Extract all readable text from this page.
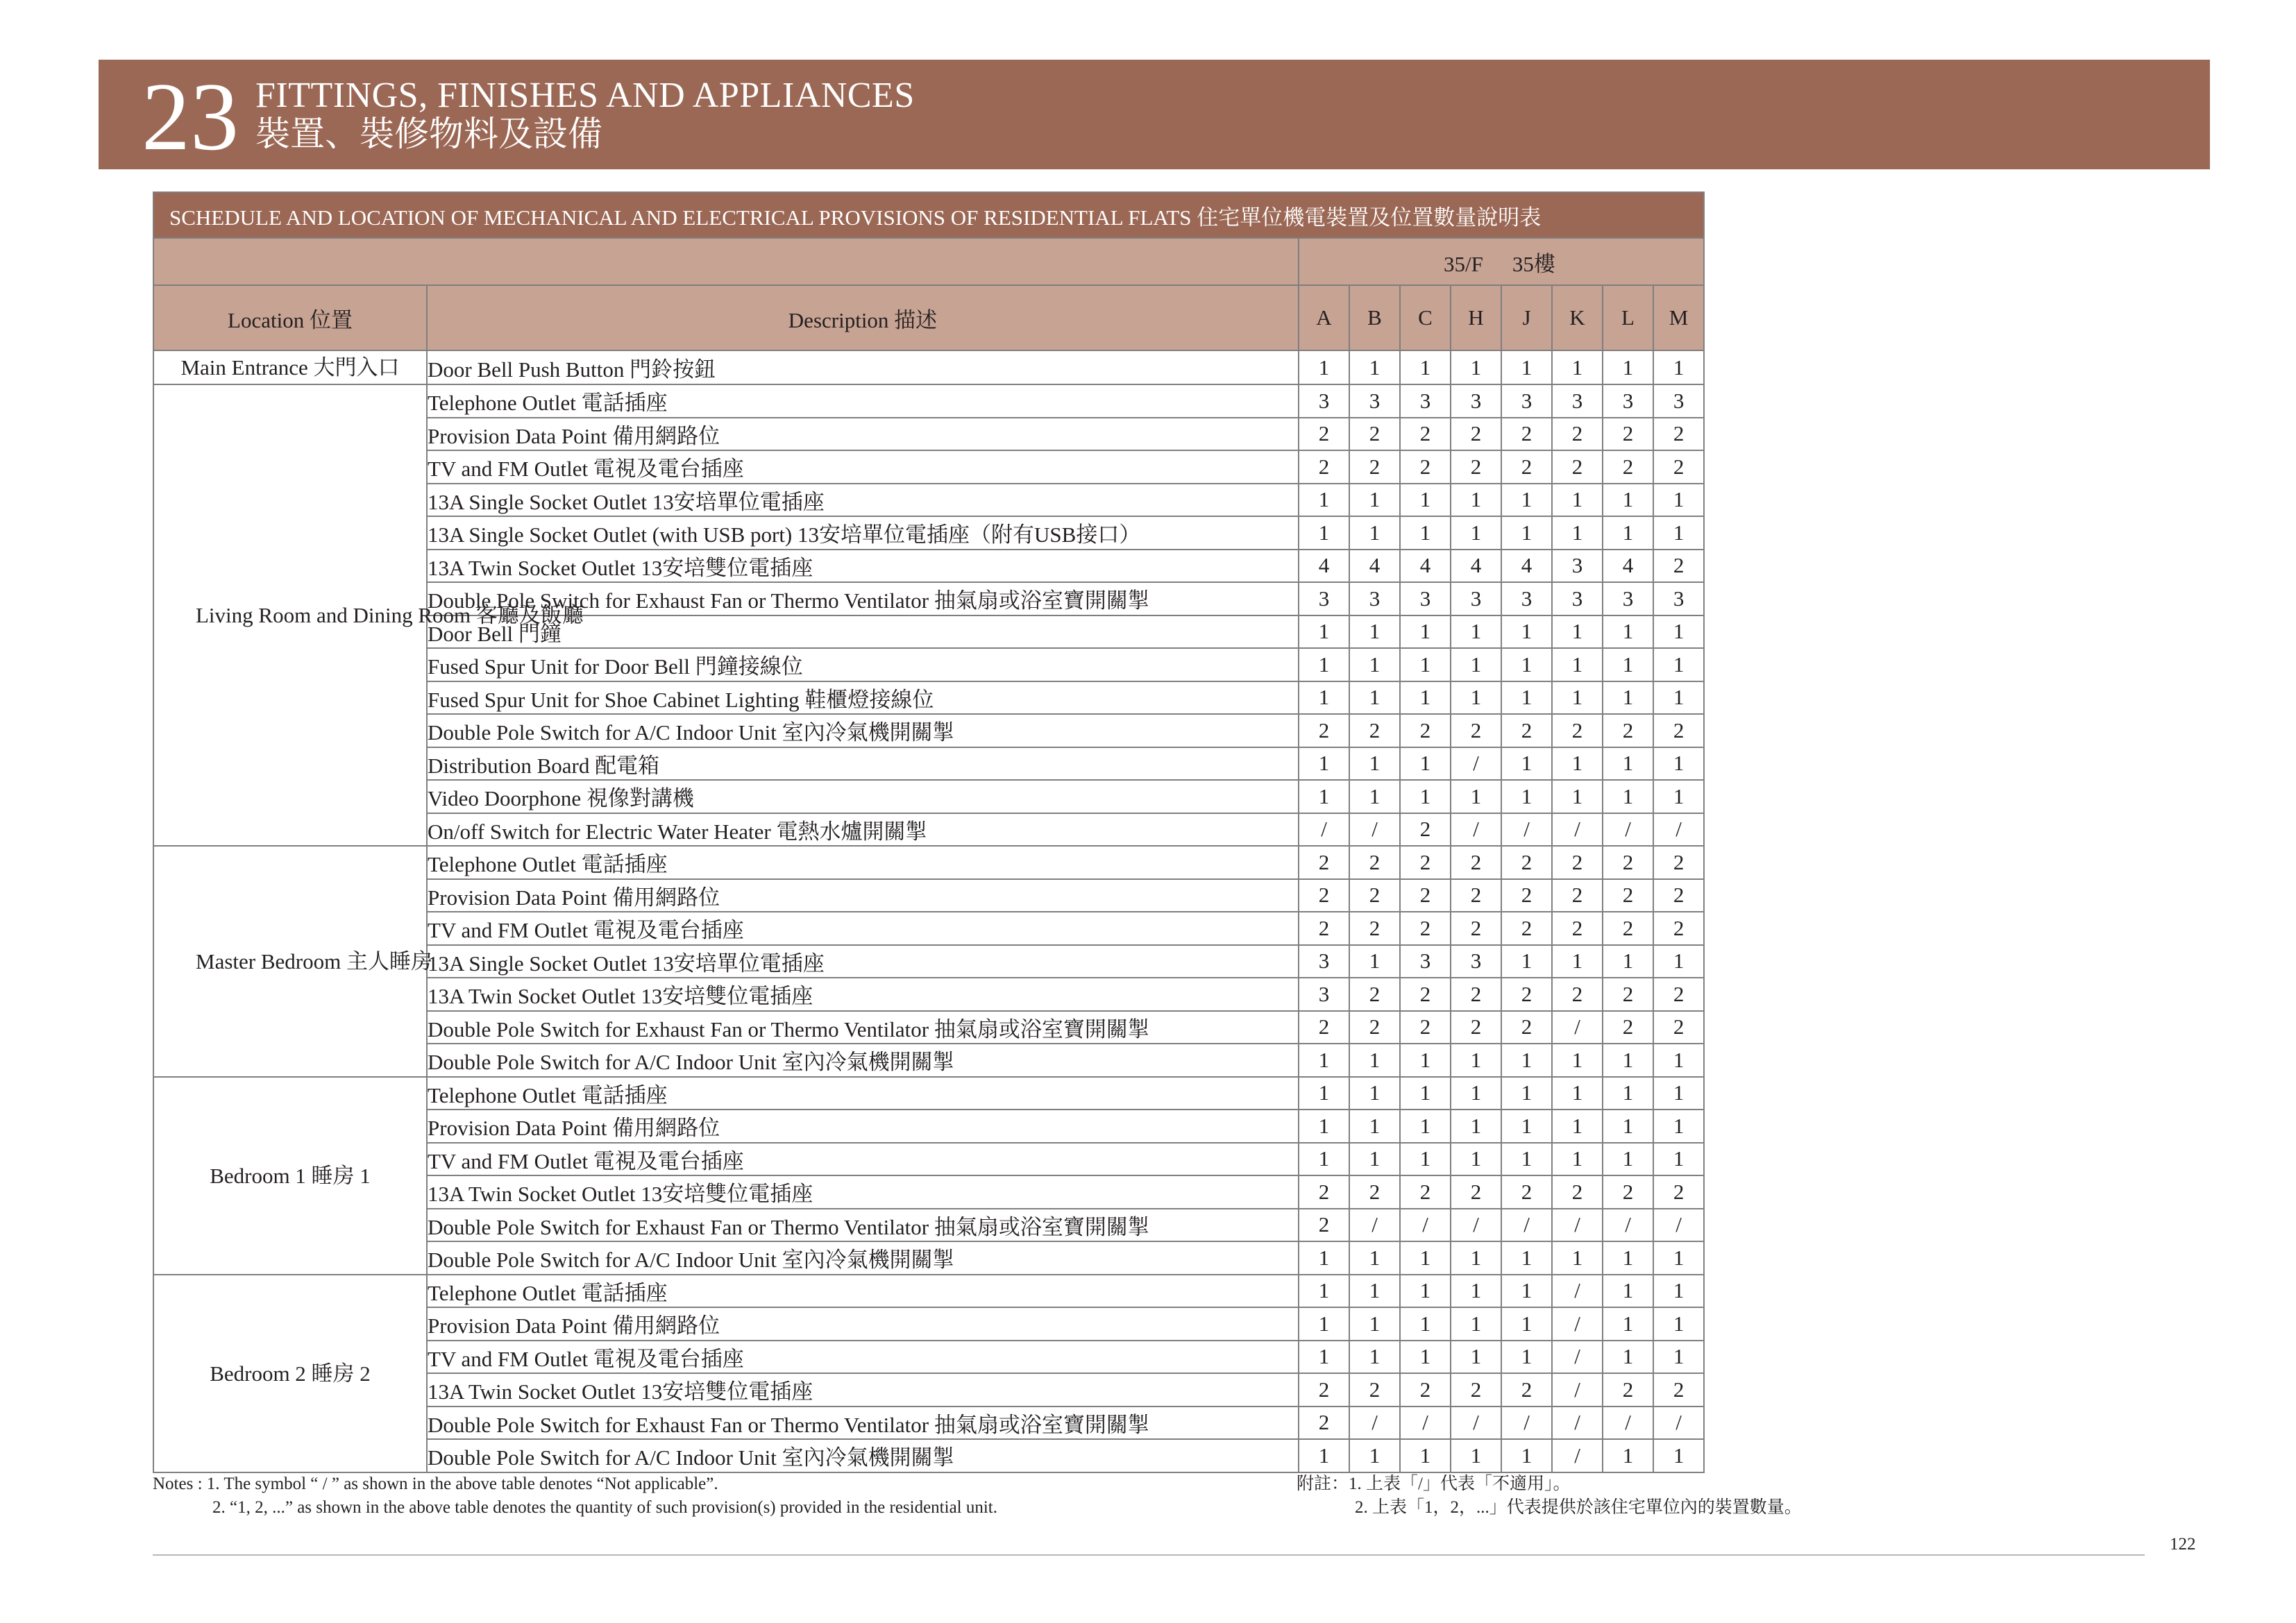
23 FITTINGS, FINISHES AND APPLIANCES
裝置、裝修物料及設備
SCHEDULE AND LOCATION OF MECHANICAL AND ELECTRICAL PROVISIONS OF RESIDENTIAL FLATS 住宅單位機電裝置及位置數量說明表									
		35/F 35樓							
Location 位置	Description 描述	A	B	C	H	J	K	L	M
Main Entrance 大門入口	Door Bell Push Button 門鈴按鈕	1	1	1	1	1	1	1	1
Living Room and Dining Room 客廳及飯廳	Telephone Outlet 電話插座	3	3	3	3	3	3	3	3
	Provision Data Point 備用網路位	2	2	2	2	2	2	2	2
	TV and FM Outlet 電視及電台插座	2	2	2	2	2	2	2	2
	13A Single Socket Outlet 13安培單位電插座	1	1	1	1	1	1	1	1
	13A Single Socket Outlet (with USB port) 13安培單位電插座（附有USB接口）	1	1	1	1	1	1	1	1
	13A Twin Socket Outlet 13安培雙位電插座	4	4	4	4	4	3	4	2
	Double Pole Switch for Exhaust Fan or Thermo Ventilator 抽氣扇或浴室寶開關掣	3	3	3	3	3	3	3	3
	Door Bell 門鐘	1	1	1	1	1	1	1	1
	Fused Spur Unit for Door Bell 門鐘接線位	1	1	1	1	1	1	1	1
	Fused Spur Unit for Shoe Cabinet Lighting 鞋櫃燈接線位	1	1	1	1	1	1	1	1
	Double Pole Switch for A/C Indoor Unit 室內冷氣機開關掣	2	2	2	2	2	2	2	2
	Distribution Board 配電箱	1	1	1	/	1	1	1	1
	Video Doorphone 視像對講機	1	1	1	1	1	1	1	1
	On/off Switch for Electric Water Heater 電熱水爐開關掣	/	/	2	/	/	/	/	/
Master Bedroom 主人睡房	Telephone Outlet 電話插座	2	2	2	2	2	2	2	2
	Provision Data Point 備用網路位	2	2	2	2	2	2	2	2
	TV and FM Outlet 電視及電台插座	2	2	2	2	2	2	2	2
	13A Single Socket Outlet 13安培單位電插座	3	1	3	3	1	1	1	1
	13A Twin Socket Outlet 13安培雙位電插座	3	2	2	2	2	2	2	2
	Double Pole Switch for Exhaust Fan or Thermo Ventilator 抽氣扇或浴室寶開關掣	2	2	2	2	2	/	2	2
	Double Pole Switch for A/C Indoor Unit 室內冷氣機開關掣	1	1	1	1	1	1	1	1
Bedroom 1 睡房 1	Telephone Outlet 電話插座	1	1	1	1	1	1	1	1
	Provision Data Point 備用網路位	1	1	1	1	1	1	1	1
	TV and FM Outlet 電視及電台插座	1	1	1	1	1	1	1	1
	13A Twin Socket Outlet 13安培雙位電插座	2	2	2	2	2	2	2	2
	Double Pole Switch for Exhaust Fan or Thermo Ventilator 抽氣扇或浴室寶開關掣	2	/	/	/	/	/	/	/
	Double Pole Switch for A/C Indoor Unit 室內冷氣機開關掣	1	1	1	1	1	1	1	1
Bedroom 2 睡房 2	Telephone Outlet 電話插座	1	1	1	1	1	/	1	1
	Provision Data Point 備用網路位	1	1	1	1	1	/	1	1
	TV and FM Outlet 電視及電台插座	1	1	1	1	1	/	1	1
	13A Twin Socket Outlet 13安培雙位電插座	2	2	2	2	2	/	2	2
	Double Pole Switch for Exhaust Fan or Thermo Ventilator 抽氣扇或浴室寶開關掣	2	/	/	/	/	/	/	/
	Double Pole Switch for A/C Indoor Unit 室內冷氣機開關掣	1	1	1	1	1	/	1	1
Notes : 1. The symbol “ / ” as shown in the above table denotes “Not applicable”.
2. “1, 2, ...” as shown in the above table denotes the quantity of such provision(s) provided in the residential unit.
附註：1. 上表「/」代表「不適用」。
2. 上表「1，2，...」代表提供於該住宅單位內的裝置數量。
122
